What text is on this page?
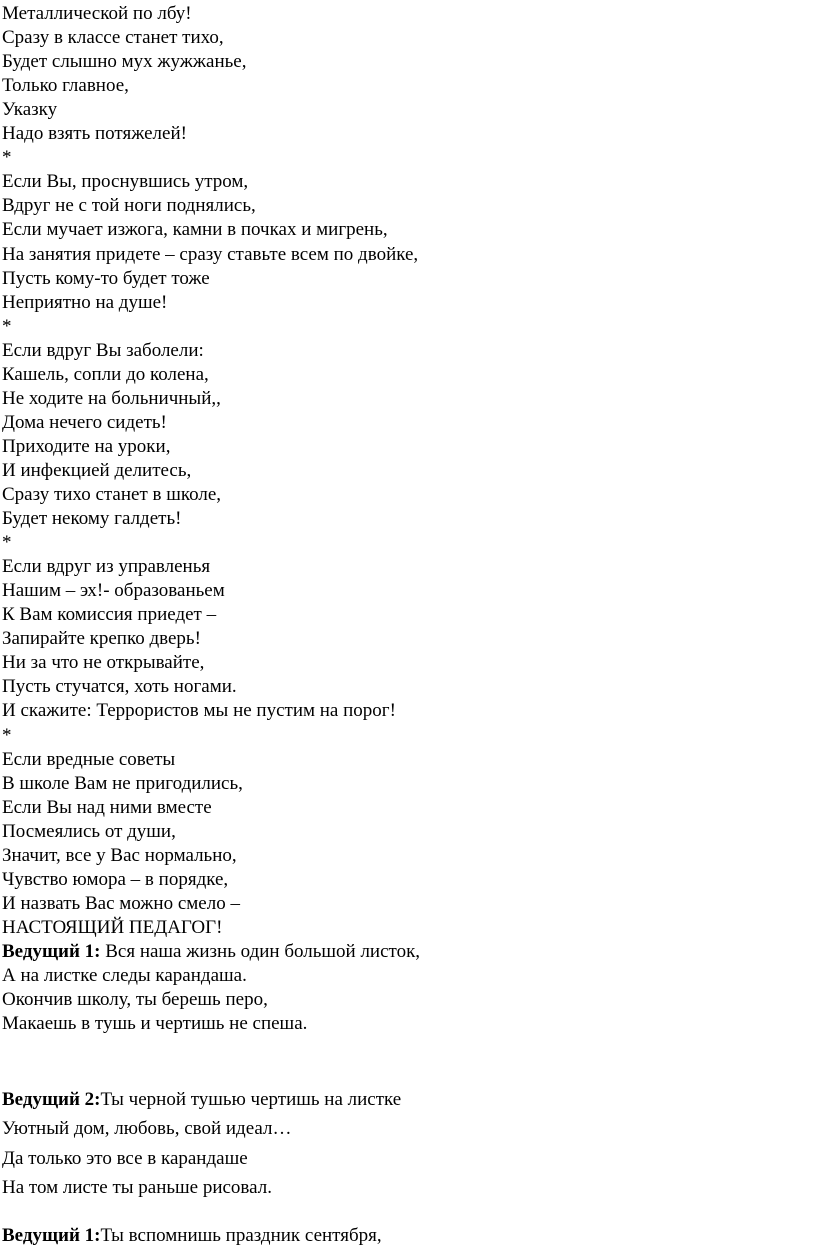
Металлической по лбу!
Сразу в классе станет тихо,
Будет слышно мух жужжанье,
Только главное,
Указку
Надо взять потяжелей!
*
Если Вы, проснувшись утром,
Вдруг не с той ноги поднялись,
Если мучает изжога, камни в почках и мигрень,
На занятия придете – сразу ставьте всем по двойке,
Пусть кому-то будет тоже
Неприятно на душе!
*
Если вдруг Вы заболели:
Кашель, сопли до колена,
Не ходите на больничный,,
Дома нечего сидеть!
Приходите на уроки,
И инфекцией делитесь,
Сразу тихо станет в школе,
Будет некому галдеть!
*
Если вдруг из управленья
Нашим – эх!- образованьем
К Вам комиссия приедет –
Запирайте крепко дверь!
Ни за что не открывайте,
Пусть стучатся, хоть ногами.
И скажите: Террористов мы не пустим на порог!
*
Если вредные советы
В школе Вам не пригодились,
Если Вы над ними вместе
Посмеялись от души,
Значит, все у Вас нормально,
Чувство юмора – в порядке,
И назвать Вас можно смело –
НАСТОЯЩИЙ ПЕДАГОГ!
Ведущий 1: Вся наша жизнь один большой листок,
А на листке следы карандаша.
Окончив школу, ты берешь перо,
Макаешь в тушь и чертишь не спеша.
Ведущий 2:Ты черной тушью чертишь на листке
Уютный дом, любовь, свой идеал…
Да только это все в карандаше
На том листе ты раньше рисовал.
Ведущий 1:Ты вспомнишь праздник сентября,
